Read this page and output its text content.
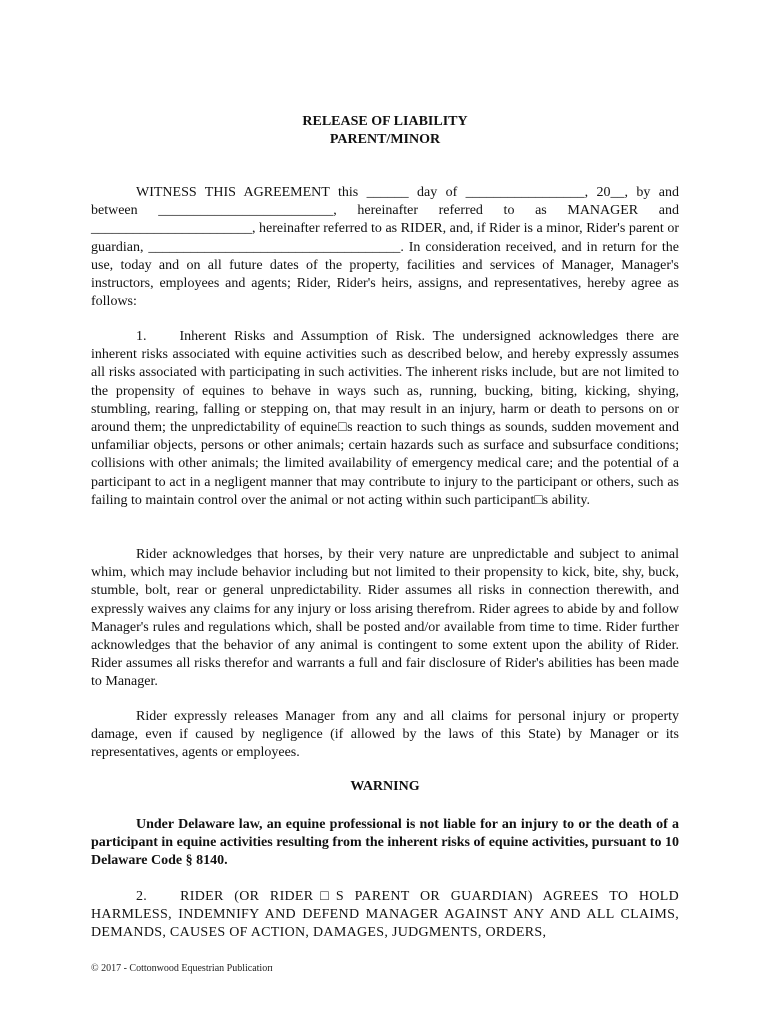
RELEASE OF LIABILITY
PARENT/MINOR

WITNESS THIS AGREEMENT this ______ day of _________________, 20__, by and between _________________________, hereinafter referred to as MANAGER and _______________________, hereinafter referred to as RIDER, and, if Rider is a minor, Rider's parent or guardian, ____________________________________. In consideration received, and in return for the use, today and on all future dates of the property, facilities and services of Manager, Manager's instructors, employees and agents; Rider, Rider's heirs, assigns, and representatives, hereby agree as follows:

1. Inherent Risks and Assumption of Risk. The undersigned acknowledges there are inherent risks associated with equine activities such as described below, and hereby expressly assumes all risks associated with participating in such activities. The inherent risks include, but are not limited to the propensity of equines to behave in ways such as, running, bucking, biting, kicking, shying, stumbling, rearing, falling or stepping on, that may result in an injury, harm or death to persons on or around them; the unpredictability of equine□s reaction to such things as sounds, sudden movement and unfamiliar objects, persons or other animals; certain hazards such as surface and subsurface conditions; collisions with other animals; the limited availability of emergency medical care; and the potential of a participant to act in a negligent manner that may contribute to injury to the participant or others, such as failing to maintain control over the animal or not acting within such participant□s ability.

Rider acknowledges that horses, by their very nature are unpredictable and subject to animal whim, which may include behavior including but not limited to their propensity to kick, bite, shy, buck, stumble, bolt, rear or general unpredictability. Rider assumes all risks in connection therewith, and expressly waives any claims for any injury or loss arising therefrom. Rider agrees to abide by and follow Manager's rules and regulations which, shall be posted and/or available from time to time. Rider further acknowledges that the behavior of any animal is contingent to some extent upon the ability of Rider. Rider assumes all risks therefor and warrants a full and fair disclosure of Rider's abilities has been made to Manager.

Rider expressly releases Manager from any and all claims for personal injury or property damage, even if caused by negligence (if allowed by the laws of this State) by Manager or its representatives, agents or employees.

WARNING

Under Delaware law, an equine professional is not liable for an injury to or the death of a participant in equine activities resulting from the inherent risks of equine activities, pursuant to 10 Delaware Code § 8140.

2. RIDER (OR RIDER□S PARENT OR GUARDIAN) AGREES TO HOLD HARMLESS, INDEMNIFY AND DEFEND MANAGER AGAINST ANY AND ALL CLAIMS, DEMANDS, CAUSES OF ACTION, DAMAGES, JUDGMENTS, ORDERS,

© 2017 - Cottonwood Equestrian Publicatioп
